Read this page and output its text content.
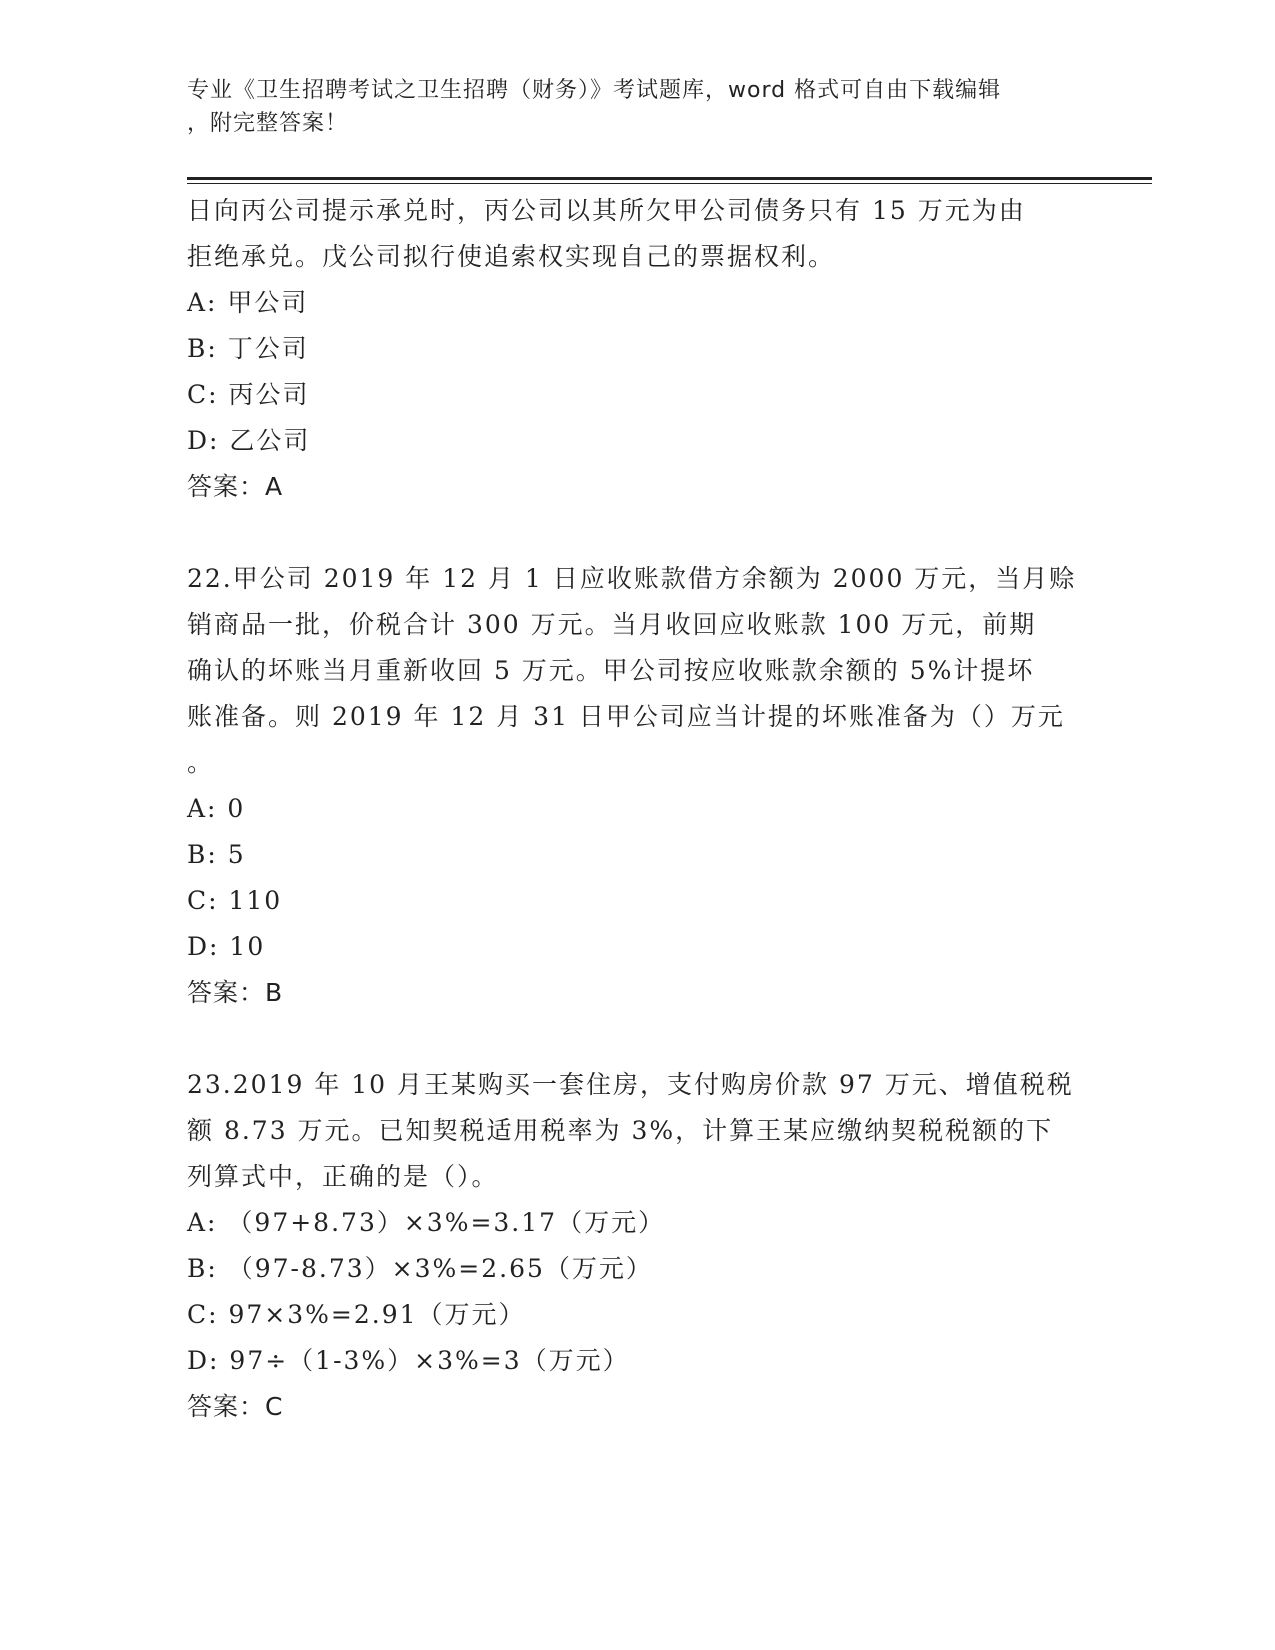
专业《卫生招聘考试之卫生招聘（财务）》考试题库，word 格式可自由下载编辑
，附完整答案！
日向丙公司提示承兑时，丙公司以其所欠甲公司债务只有 15 万元为由
拒绝承兑。戊公司拟行使追索权实现自己的票据权利。
A: 甲公司
B: 丁公司
C: 丙公司
D: 乙公司
答案：A
22.甲公司 2019 年 12 月 1 日应收账款借方余额为 2000 万元，当月赊
销商品一批，价税合计 300 万元。当月收回应收账款 100 万元，前期
确认的坏账当月重新收回 5 万元。甲公司按应收账款余额的 5%计提坏
账准备。则 2019 年 12 月 31 日甲公司应当计提的坏账准备为（）万元
。
A: 0
B: 5
C: 110
D: 10
答案：B
23.2019 年 10 月王某购买一套住房，支付购房价款 97 万元、增值税税
额 8.73 万元。已知契税适用税率为 3%，计算王某应缴纳契税税额的下
列算式中，正确的是（）。
A: （97+8.73）×3%=3.17（万元）
B: （97-8.73）×3%=2.65（万元）
C: 97×3%=2.91（万元）
D: 97÷（1-3%）×3%=3（万元）
答案：C
